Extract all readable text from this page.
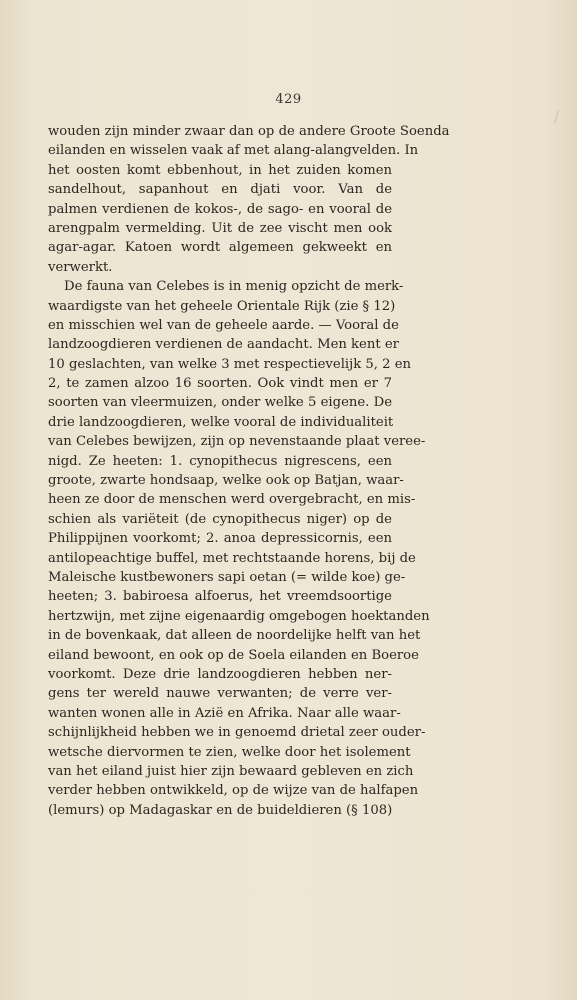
429
wouden zijn minder zwaar dan op de andere Groote Soenda
eilanden en wisselen vaak af met alang-alangvelden. In
het oosten komt ebbenhout, in het zuiden komen
sandelhout, sapanhout en djati voor. Van de
palmen verdienen de kokos-, de sago- en vooral de
arengpalm vermelding. Uit de zee vischt men ook
agar-agar. Katoen wordt algemeen gekweekt en
verwerkt.
De fauna van Celebes is in menig opzicht de merk-
waardigste van het geheele Orientale Rijk (zie § 12)
en misschien wel van de geheele aarde. — Vooral de
landzoogdieren verdienen de aandacht. Men kent er
10 geslachten, van welke 3 met respectievelijk 5, 2 en
2, te zamen alzoo 16 soorten. Ook vindt men er 7
soorten van vleermuizen, onder welke 5 eigene. De
drie landzoogdieren, welke vooral de individualiteit
van Celebes bewijzen, zijn op nevenstaande plaat veree-
nigd. Ze heeten: 1. cynopithecus nigrescens, een
groote, zwarte hondsaap, welke ook op Batjan, waar-
heen ze door de menschen werd overgebracht, en mis-
schien als variëteit (de cynopithecus niger) op de
Philippijnen voorkomt; 2. anoa depressicornis, een
antilopeachtige buffel, met rechtstaande horens, bij de
Maleische kustbewoners sapi oetan (= wilde koe) ge-
heeten; 3. babiroesa alfoerus, het vreemdsoortige
hertzwijn, met zijne eigenaardig omgebogen hoektanden
in de bovenkaak, dat alleen de noordelijke helft van het
eiland bewoont, en ook op de Soela eilanden en Boeroe
voorkomt. Deze drie landzoogdieren hebben ner-
gens ter wereld nauwe verwanten; de verre ver-
wanten wonen alle in Azië en Afrika. Naar alle waar-
schijnlijkheid hebben we in genoemd drietal zeer ouder-
wetsche diervormen te zien, welke door het isolement
van het eiland juist hier zijn bewaard gebleven en zich
verder hebben ontwikkeld, op de wijze van de halfapen
(lemurs) op Madagaskar en de buideldieren (§ 108)
